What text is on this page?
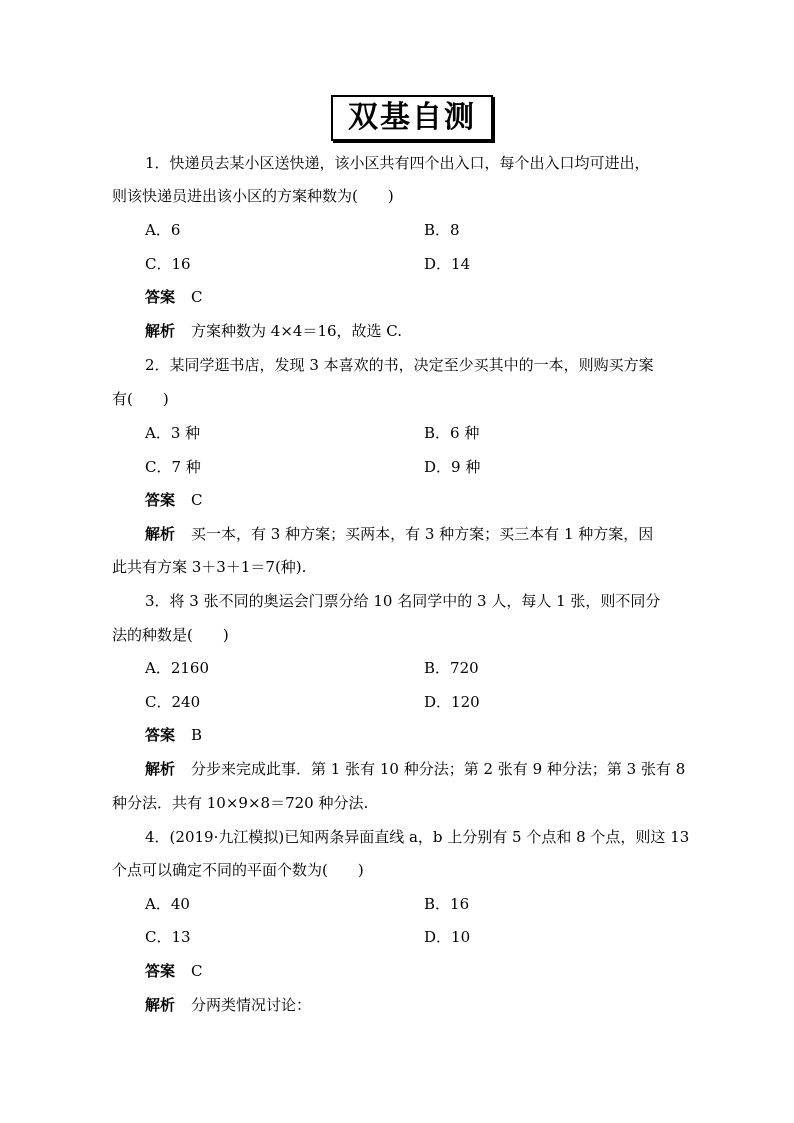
双基自测
1．快递员去某小区送快递，该小区共有四个出入口，每个出入口均可进出，
则该快递员进出该小区的方案种数为(　　)
A．6	B．8
C．16	D．14
答案 C
解析 方案种数为 4×4＝16，故选 C.
2．某同学逛书店，发现 3 本喜欢的书，决定至少买其中的一本，则购买方案
有(　　)
A．3 种	B．6 种
C．7 种	D．9 种
答案 C
解析 买一本，有 3 种方案；买两本，有 3 种方案；买三本有 1 种方案，因
此共有方案 3＋3＋1＝7(种).
3．将 3 张不同的奥运会门票分给 10 名同学中的 3 人，每人 1 张，则不同分
法的种数是(　　)
A．2160	B．720
C．240	D．120
答案 B
解析 分步来完成此事．第 1 张有 10 种分法；第 2 张有 9 种分法；第 3 张有 8
种分法．共有 10×9×8＝720 种分法.
4．(2019·九江模拟)已知两条异面直线 a，b 上分别有 5 个点和 8 个点，则这 13
个点可以确定不同的平面个数为(　　)
A．40	B．16
C．13	D．10
答案 C
解析 分两类情况讨论：
